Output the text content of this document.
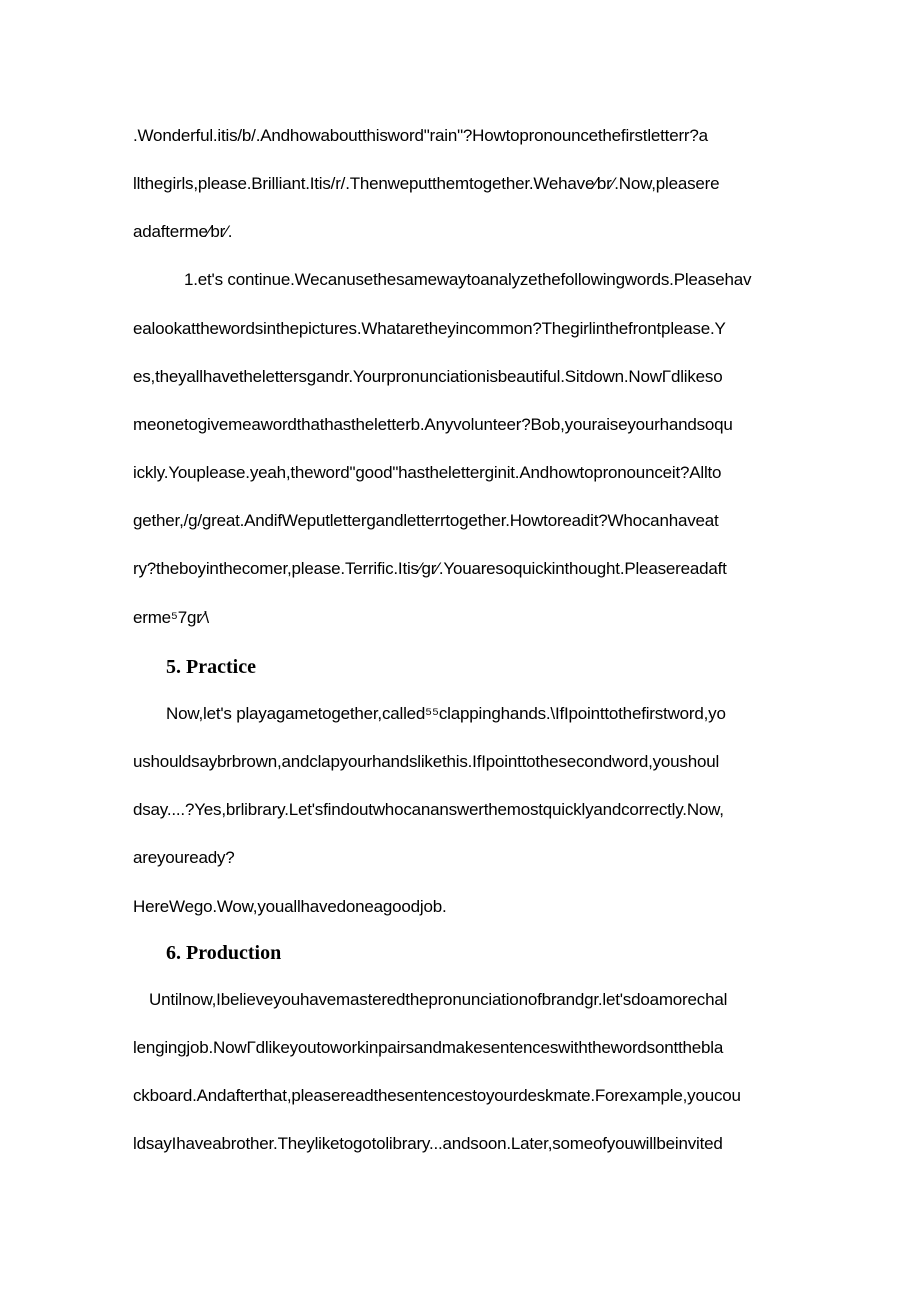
.Wonderful.itis/b/.Andhowaboutthisword"rain"?Howtopronouncethefirstletterr?a
llthegirls,please.Brilliant.Itis/r/.Thenweputthemtogether.Wehave⁄br⁄.Now,pleasere
adafterme⁄br⁄.
1.et's continue.Wecanusethesamewaytoanalyzethefollowingwords.Pleasehav
ealookatthewordsinthepictures.Whataretheyincommon?Thegirlinthefrontplease.Y
es,theyallhavethelettersgandr.Yourpronunciationisbeautiful.Sitdown.NowΓdlikeso
meonetogivemeawordthathastheletterb.Anyvolunteer?Bob,youraiseyourhandsoqu
ickly.Youplease.yeah,theword"good"hastheletterginit.Andhowtopronounceit?Allto
gether,/g/great.AndifWeputlettergandletterrtogether.Howtoreadit?Whocanhaveat
ry?theboyinthecomer,please.Terrific.Itis⁄gr⁄.Youaresoquickinthought.Pleasereadaft
erme⁵7gr⁄\
5. Practice
Now,let's playagametogether,called⁵⁵clappinghands.\IfIpointtothefirstword,yo
ushouldsaybrbrown,andclapyourhandslikethis.IfIpointtothesecondword,youshoul
dsay....?Yes,brlibrary.Let'sfindoutwhocananswerthemostquicklyandcorrectly.Now,
areyouready?
HereWego.Wow,youallhavedoneagoodjob.
6. Production
Untilnow,Ibelieveyouhavemasteredthepronunciationofbrandgr.let'sdoamorechal
lengingjob.NowΓdlikeyoutoworkinpairsandmakesentenceswiththewordsontthebla
ckboard.Andafterthat,pleasereadthesentencestoyourdeskmate.Forexample,youcou
ldsayIhaveabrother.Theyliketogotolibrary...andsoon.Later,someofyouwillbeinvited
